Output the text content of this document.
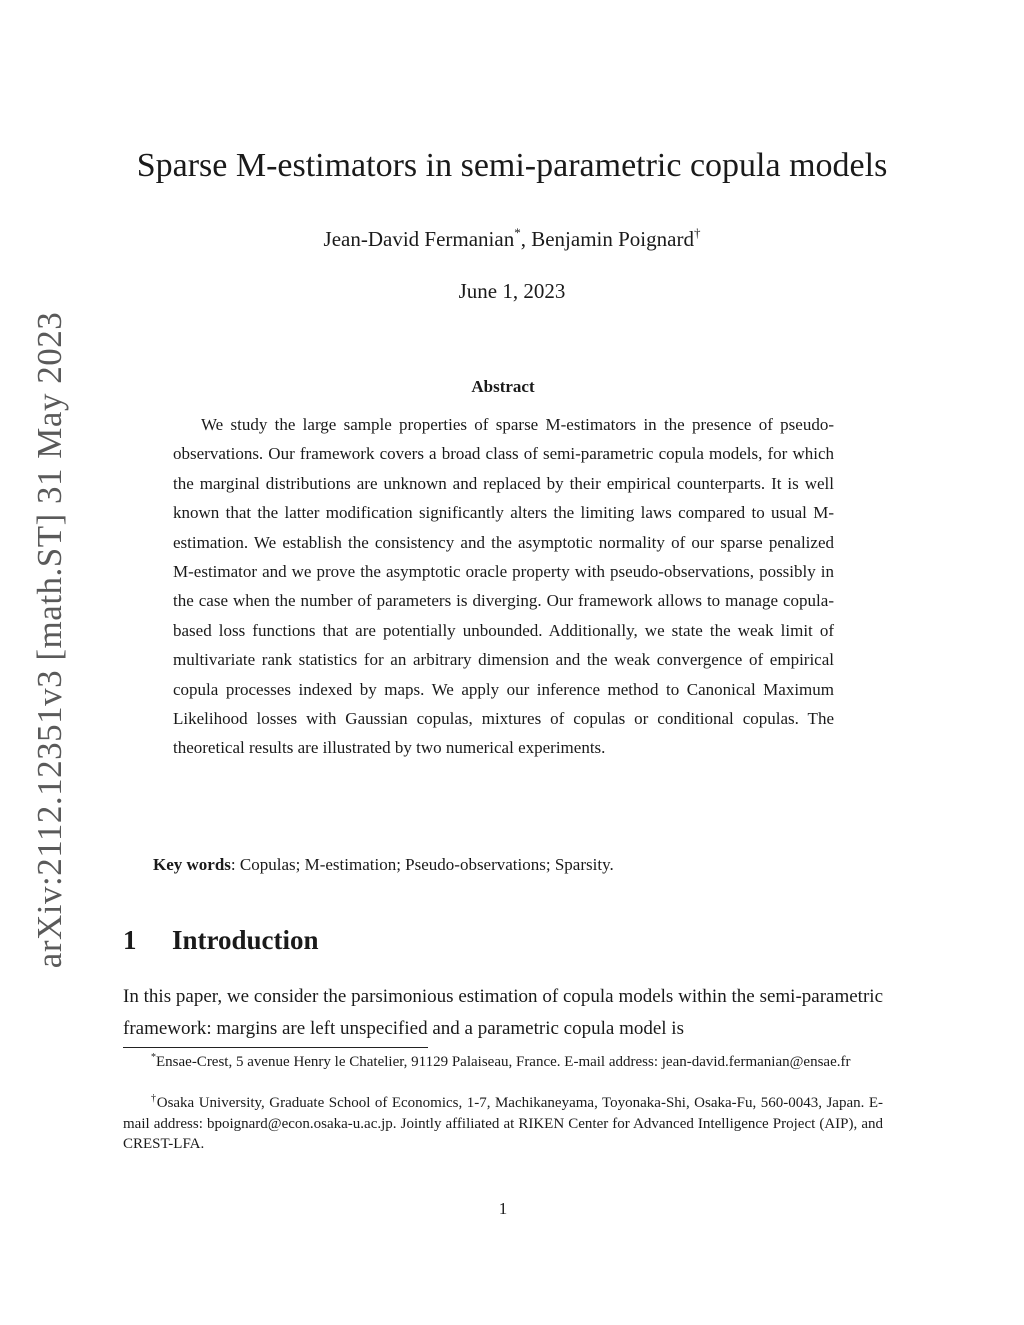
arXiv:2112.12351v3 [math.ST] 31 May 2023
Sparse M-estimators in semi-parametric copula models
Jean-David Fermanian*, Benjamin Poignard†
June 1, 2023
Abstract

We study the large sample properties of sparse M-estimators in the presence of pseudo-observations. Our framework covers a broad class of semi-parametric copula models, for which the marginal distributions are unknown and replaced by their empirical counterparts. It is well known that the latter modification significantly alters the limiting laws compared to usual M-estimation. We establish the consistency and the asymptotic normality of our sparse penalized M-estimator and we prove the asymptotic oracle property with pseudo-observations, possibly in the case when the number of parameters is diverging. Our framework allows to manage copula-based loss functions that are potentially unbounded. Additionally, we state the weak limit of multivariate rank statistics for an arbitrary dimension and the weak convergence of empirical copula processes indexed by maps. We apply our inference method to Canonical Maximum Likelihood losses with Gaussian copulas, mixtures of copulas or conditional copulas. The theoretical results are illustrated by two numerical experiments.

Key words: Copulas; M-estimation; Pseudo-observations; Sparsity.
1 Introduction

In this paper, we consider the parsimonious estimation of copula models within the semi-parametric framework: margins are left unspecified and a parametric copula model is

*Ensae-Crest, 5 avenue Henry le Chatelier, 91129 Palaiseau, France. E-mail address: jean-david.fermanian@ensae.fr

†Osaka University, Graduate School of Economics, 1-7, Machikaneyama, Toyonaka-Shi, Osaka-Fu, 560-0043, Japan. E-mail address: bpoignard@econ.osaka-u.ac.jp. Jointly affiliated at RIKEN Center for Advanced Intelligence Project (AIP), and CREST-LFA.

1
